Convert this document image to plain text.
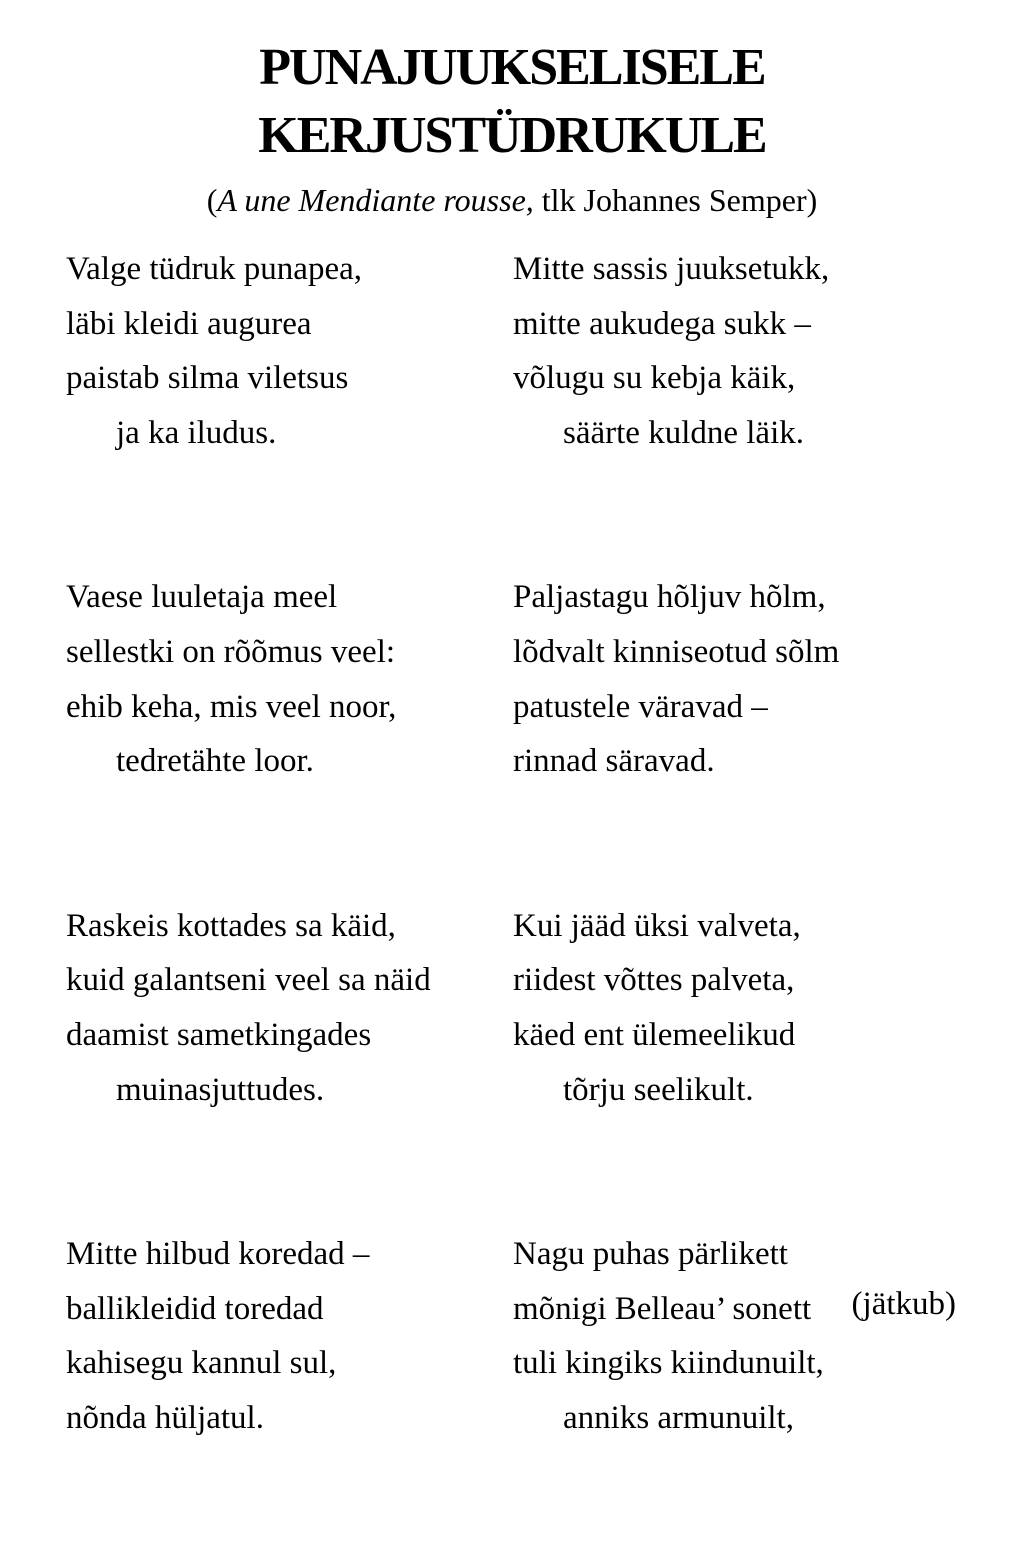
PUNAJUUKSELISELE
KERJUSTÜDRUKULE
(A une Mendiante rousse, tlk Johannes Semper)
Valge tüdruk punapea,
läbi kleidi augurea
paistab silma viletsus
ja ka iludus.
Vaese luuletaja meel
sellestki on rõõmus veel:
ehib keha, mis veel noor,
tedretähte loor.
Raskeis kottades sa käid,
kuid galantseni veel sa näid
daamist sametkingades
muinasjuttudes.
Mitte hilbud koredad –
ballikleidid toredad
kahisegu kannul sul,
nõnda hüljatul.
Mitte sassis juuksetukk,
mitte aukudega sukk –
võlugu su kebja käik,
säärte kuldne läik.
Paljastagu hõljuv hõlm,
lõdvalt kinniseotud sõlm
patustele väravad –
rinnad säravad.
Kui jääd üksi valveta,
riidest võttes palveta,
käed ent ülemeelikud
tõrju seelikult.
Nagu puhas pärlikett
mõnigi Belleau’ sonett
tuli kingiks kiindunuilt,
anniks armunuilt,
(jätkub)
